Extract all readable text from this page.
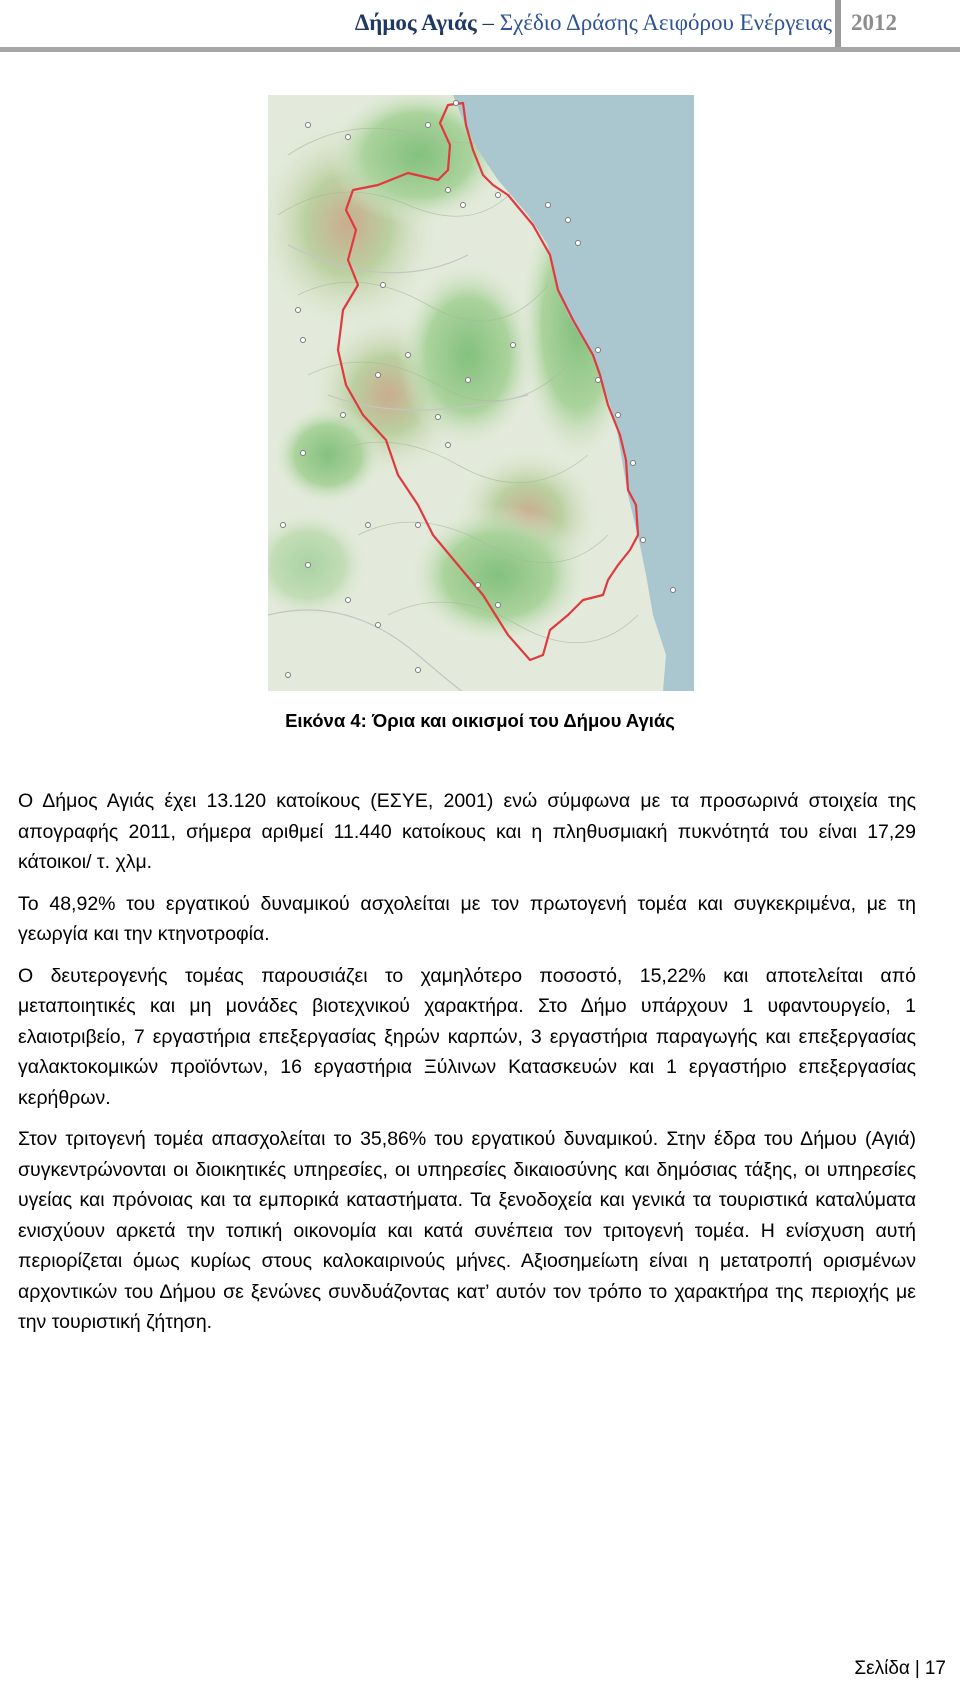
Δήμος Αγιάς – Σχέδιο Δράσης Αειφόρου Ενέργειας 2012
Εικόνα 4: Όρια και οικισμοί του Δήμου Αγιάς

Ο Δήμος Αγιάς έχει 13.120 κατοίκους (ΕΣΥΕ, 2001) ενώ σύμφωνα με τα προσωρινά στοιχεία της απογραφής 2011, σήμερα αριθμεί 11.440 κατοίκους και η πληθυσμιακή πυκνότητά του είναι 17,29 κάτοικοι/ τ. χλμ.

Το 48,92% του εργατικού δυναμικού ασχολείται με τον πρωτογενή τομέα και συγκεκριμένα, με τη γεωργία και την κτηνοτροφία.

Ο δευτερογενής τομέας παρουσιάζει το χαμηλότερο ποσοστό, 15,22% και αποτελείται από μεταποιητικές και μη μονάδες βιοτεχνικού χαρακτήρα. Στο Δήμο υπάρχουν 1 υφαντουργείο, 1 ελαιοτριβείο, 7 εργαστήρια επεξεργασίας ξηρών καρπών, 3 εργαστήρια παραγωγής και επεξεργασίας γαλακτοκομικών προϊόντων, 16 εργαστήρια Ξύλινων Κατασκευών και 1 εργαστήριο επεξεργασίας κερήθρων.

Στον τριτογενή τομέα απασχολείται το 35,86% του εργατικού δυναμικού. Στην έδρα του Δήμου (Αγιά) συγκεντρώνονται οι διοικητικές υπηρεσίες, οι υπηρεσίες δικαιοσύνης και δημόσιας τάξης, οι υπηρεσίες υγείας και πρόνοιας και τα εμπορικά καταστήματα. Τα ξενοδοχεία και γενικά τα τουριστικά καταλύματα ενισχύουν αρκετά την τοπική οικονομία και κατά συνέπεια τον τριτογενή τομέα. Η ενίσχυση αυτή περιορίζεται όμως κυρίως στους καλοκαιρινούς μήνες. Αξιοσημείωτη είναι η μετατροπή ορισμένων αρχοντικών του Δήμου σε ξενώνες συνδυάζοντας κατ’ αυτόν τον τρόπο το χαρακτήρα της περιοχής με την τουριστική ζήτηση.

Σελίδα | 17
